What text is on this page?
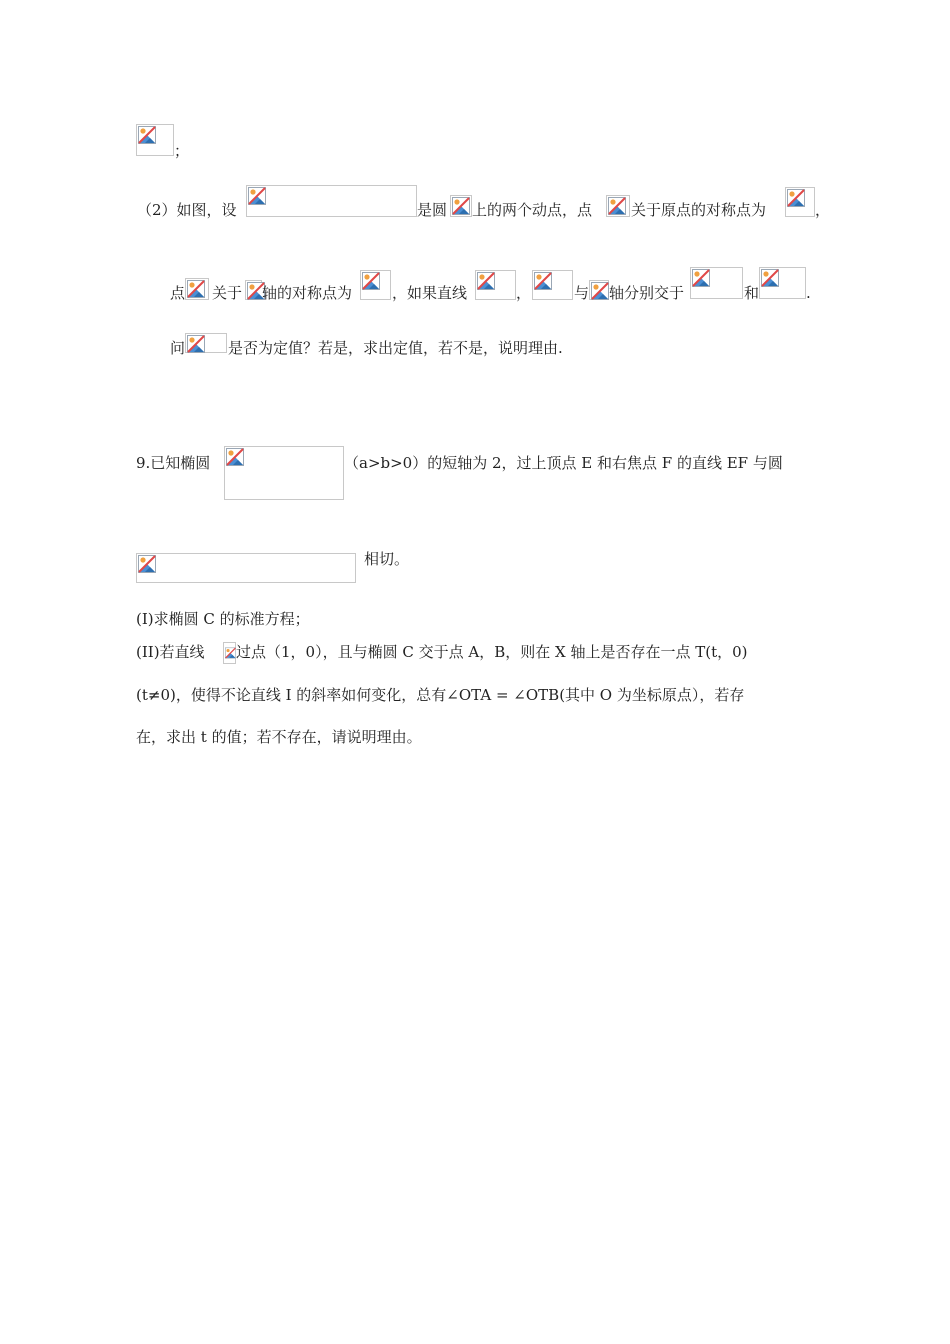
；
（2）如图，设	是圆 上的两个动点，点	关于原点的对称点为	，
点 关于 轴的对称点为	，如果直线	，	与 轴分别交于	和	.
问	是否为定值？若是，求出定值，若不是，说明理由.
9.已知椭圆	（a>b>0）的短轴为 2，过上顶点 E 和右焦点 F 的直线 EF 与圆
相切。
(I)求椭圆 C 的标准方程；
(II)若直线 过点（1，0），且与椭圆 C 交于点 A，B，则在 X 轴上是否存在一点 T(t，0)
(t≠0)，使得不论直线 I 的斜率如何变化，总有∠OTA = ∠OTB(其中 O 为坐标原点），若存
在，求出 t 的值；若不存在，请说明理由。
